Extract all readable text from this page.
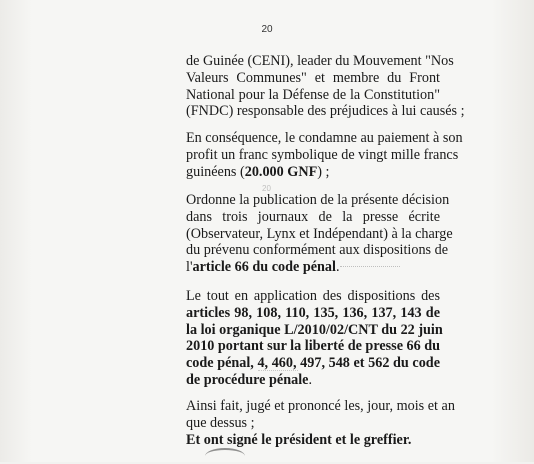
20
20
de Guinée (CENI), leader du Mouvement "Nos
Valeurs Communes" et membre du Front
National pour la Défense de la Constitution"
(FNDC) responsable des préjudices à lui causés ;
En conséquence, le condamne au paiement à son
profit un franc symbolique de vingt mille francs
guinéens (20.000 GNF) ;
Ordonne la publication de la présente décision
dans trois journaux de la presse écrite
(Observateur, Lynx et Indépendant) à la charge
du prévenu conformément aux dispositions de
l'article 66 du code pénal.
Le tout en application des dispositions des
articles 98, 108, 110, 135, 136, 137, 143 de
la loi organique L/2010/02/CNT du 22 juin
2010 portant sur la liberté de presse 66 du
code pénal, 4, 460, 497, 548 et 562 du code
de procédure pénale.
Ainsi fait, jugé et prononcé les, jour, mois et an
que dessus ;
Et ont signé le président et le greffier.
